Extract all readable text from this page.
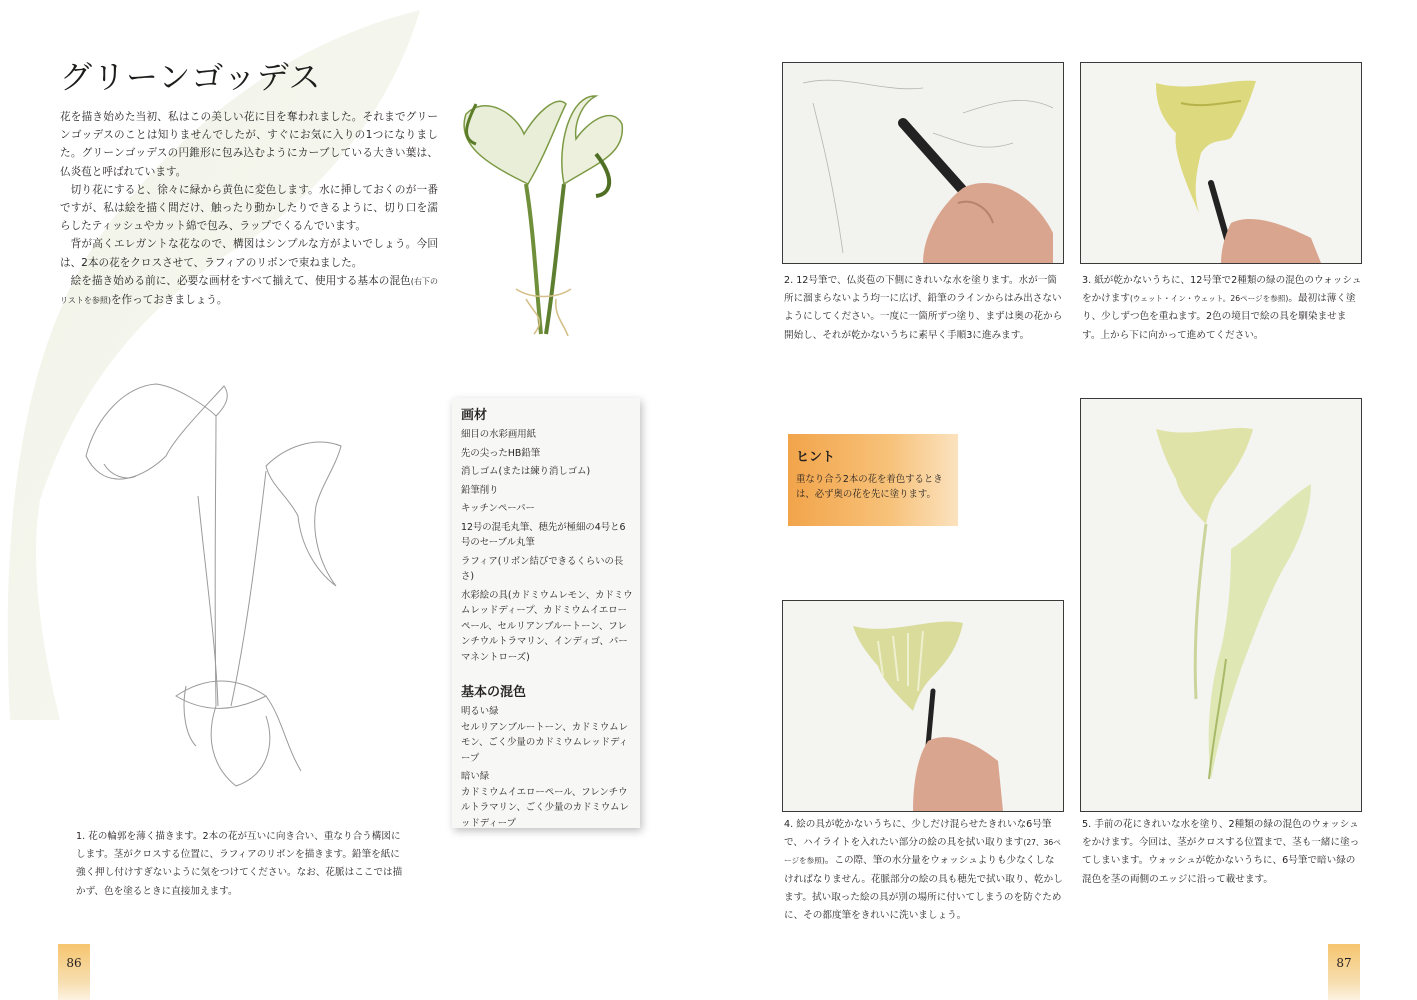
グリーンゴッデス

花を描き始めた当初、私はこの美しい花に目を奪われました。それまでグリーンゴッデスのことは知りませんでしたが、すぐにお気に入りの1つになりました。グリーンゴッデスの円錐形に包み込むようにカーブしている大きい葉は、仏炎苞と呼ばれています。

切り花にすると、徐々に緑から黄色に変色します。水に挿しておくのが一番ですが、私は絵を描く間だけ、触ったり動かしたりできるように、切り口を濡らしたティッシュやカット綿で包み、ラップでくるんでいます。

背が高くエレガントな花なので、構図はシンプルな方がよいでしょう。今回は、2本の花をクロスさせて、ラフィアのリボンで束ねました。

絵を描き始める前に、必要な画材をすべて揃えて、使用する基本の混色(右下のリストを参照)を作っておきましょう。

1. 花の輪郭を薄く描きます。2本の花が互いに向き合い、重なり合う構図にします。茎がクロスする位置に、ラフィアのリボンを描きます。鉛筆を紙に強く押し付けすぎないように気をつけてください。なお、花脈はここでは描かず、色を塗るときに直接加えます。
画材
細目の水彩画用紙
先の尖ったHB鉛筆
消しゴム(または練り消しゴム)
鉛筆削り
キッチンペーパー
12号の混毛丸筆、穂先が極細の4号と6号のセーブル丸筆
ラフィア(リボン結びできるくらいの長さ)
水彩絵の具(カドミウムレモン、カドミウムレッドディープ、カドミウムイエローペール、セルリアンブルートーン、フレンチウルトラマリン、インディゴ、パーマネントローズ)
基本の混色
明るい緑
セルリアンブルートーン、カドミウムレモン、ごく少量のカドミウムレッドディープ
暗い緑
カドミウムイエローペール、フレンチウルトラマリン、ごく少量のカドミウムレッドディープ
ヒント
重なり合う2本の花を着色するときは、必ず奥の花を先に塗ります。
2. 12号筆で、仏炎苞の下側にきれいな水を塗ります。水が一箇所に溜まらないよう均一に広げ、鉛筆のラインからはみ出さないようにしてください。一度に一箇所ずつ塗り、まずは奥の花から開始し、それが乾かないうちに素早く手順3に進みます。
3. 紙が乾かないうちに、12号筆で2種類の緑の混色のウォッシュをかけます(ウェット・イン・ウェット。26ページを参照)。最初は薄く塗り、少しずつ色を重ねます。2色の境目で絵の具を馴染ませます。上から下に向かって進めてください。
4. 絵の具が乾かないうちに、少しだけ混らせたきれいな6号筆で、ハイライトを入れたい部分の絵の具を拭い取ります(27、36ページを参照)。この際、筆の水分量をウォッシュよりも少なくしなければなりません。花脈部分の絵の具も穂先で拭い取り、乾かします。拭い取った絵の具が別の場所に付いてしまうのを防ぐために、その都度筆をきれいに洗いましょう。
5. 手前の花にきれいな水を塗り、2種類の緑の混色のウォッシュをかけます。今回は、茎がクロスする位置まで、茎も一緒に塗ってしまいます。ウォッシュが乾かないうちに、6号筆で暗い緑の混色を茎の両側のエッジに沿って載せます。
86	87
